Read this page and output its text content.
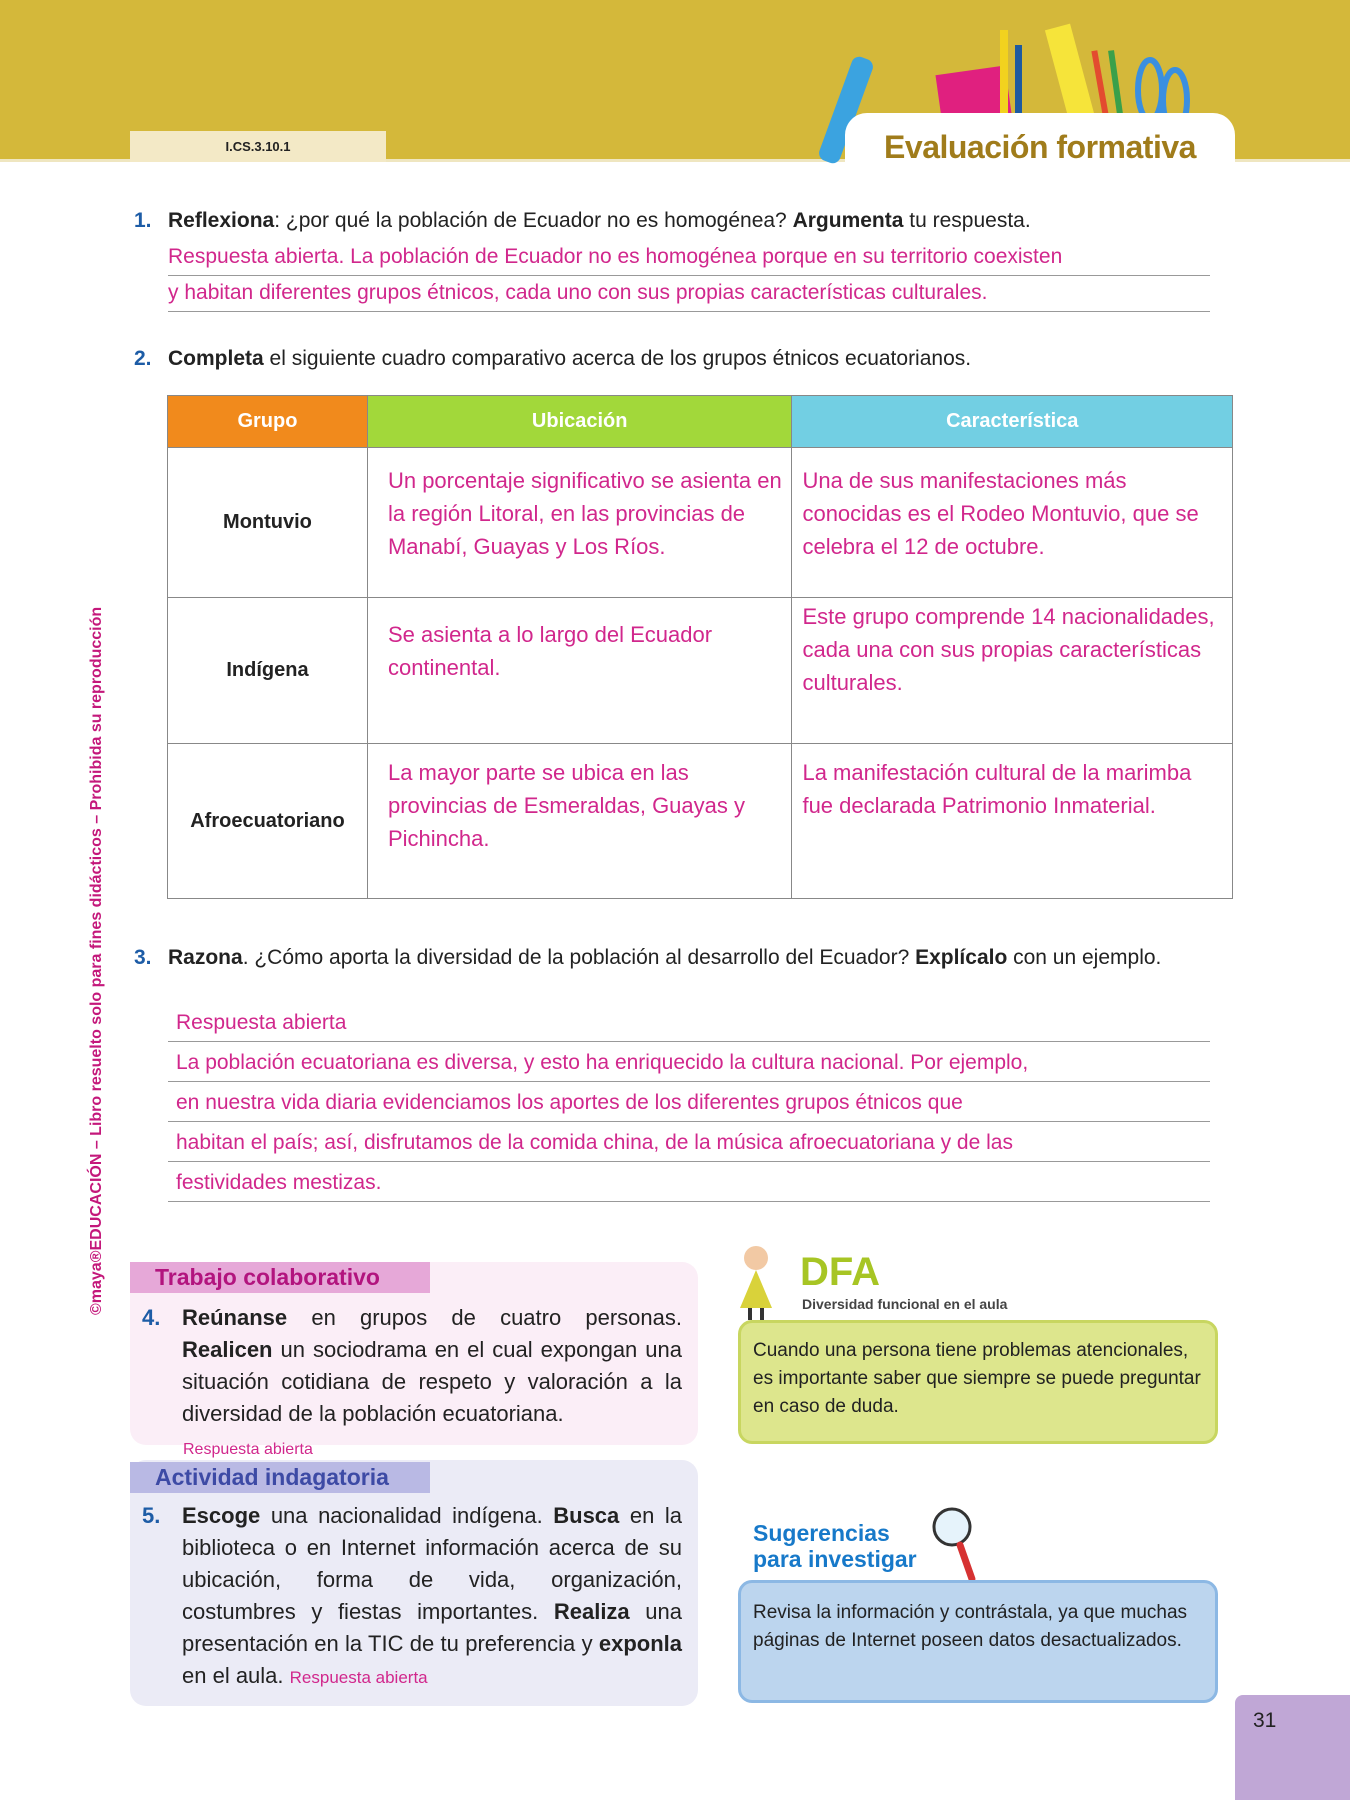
I.CS.3.10.1	Evaluación formativa
©maya®EDUCACIÓN – Libro resuelto solo para fines didácticos – Prohibida su reproducción
1. Reflexiona: ¿por qué la población de Ecuador no es homogénea? Argumenta tu respuesta.
Respuesta abierta. La población de Ecuador no es homogénea porque en su territorio coexisten
y habitan diferentes grupos étnicos, cada uno con sus propias características culturales.
2. Completa el siguiente cuadro comparativo acerca de los grupos étnicos ecuatorianos.
Grupo	Ubicación	Característica
Montuvio	Un porcentaje significativo se asienta en la región Litoral, en las provincias de Manabí, Guayas y Los Ríos.	Una de sus manifestaciones más conocidas es el Rodeo Montuvio, que se celebra el 12 de octubre.
Indígena	Se asienta a lo largo del Ecuador continental.	Este grupo comprende 14 nacionalidades, cada una con sus propias características culturales.
Afroecuatoriano	La mayor parte se ubica en las provincias de Esmeraldas, Guayas y Pichincha.	La manifestación cultural de la marimba fue declarada Patrimonio Inmaterial.
3. Razona. ¿Cómo aporta la diversidad de la población al desarrollo del Ecuador? Explícalo con un ejemplo.
Respuesta abierta
La población ecuatoriana es diversa, y esto ha enriquecido la cultura nacional. Por ejemplo,
en nuestra vida diaria evidenciamos los aportes de los diferentes grupos étnicos que
habitan el país; así, disfrutamos de la comida china, de la música afroecuatoriana y de las
festividades mestizas.
Trabajo colaborativo
4. Reúnanse en grupos de cuatro personas. Realicen un sociodrama en el cual expongan una situación cotidiana de respeto y valoración a la diversidad de la población ecuatoriana.
Respuesta abierta
Actividad indagatoria
5. Escoge una nacionalidad indígena. Busca en la biblioteca o en Internet información acerca de su ubicación, forma de vida, organización, costumbres y fiestas importantes. Realiza una presentación en la TIC de tu preferencia y exponla en el aula. Respuesta abierta
DFA
Diversidad funcional en el aula
Cuando una persona tiene problemas atencionales, es importante saber que siempre se puede preguntar en caso de duda.
Sugerencias
para investigar
Revisa la información y contrástala, ya que muchas páginas de Internet poseen datos desactualizados.
31
